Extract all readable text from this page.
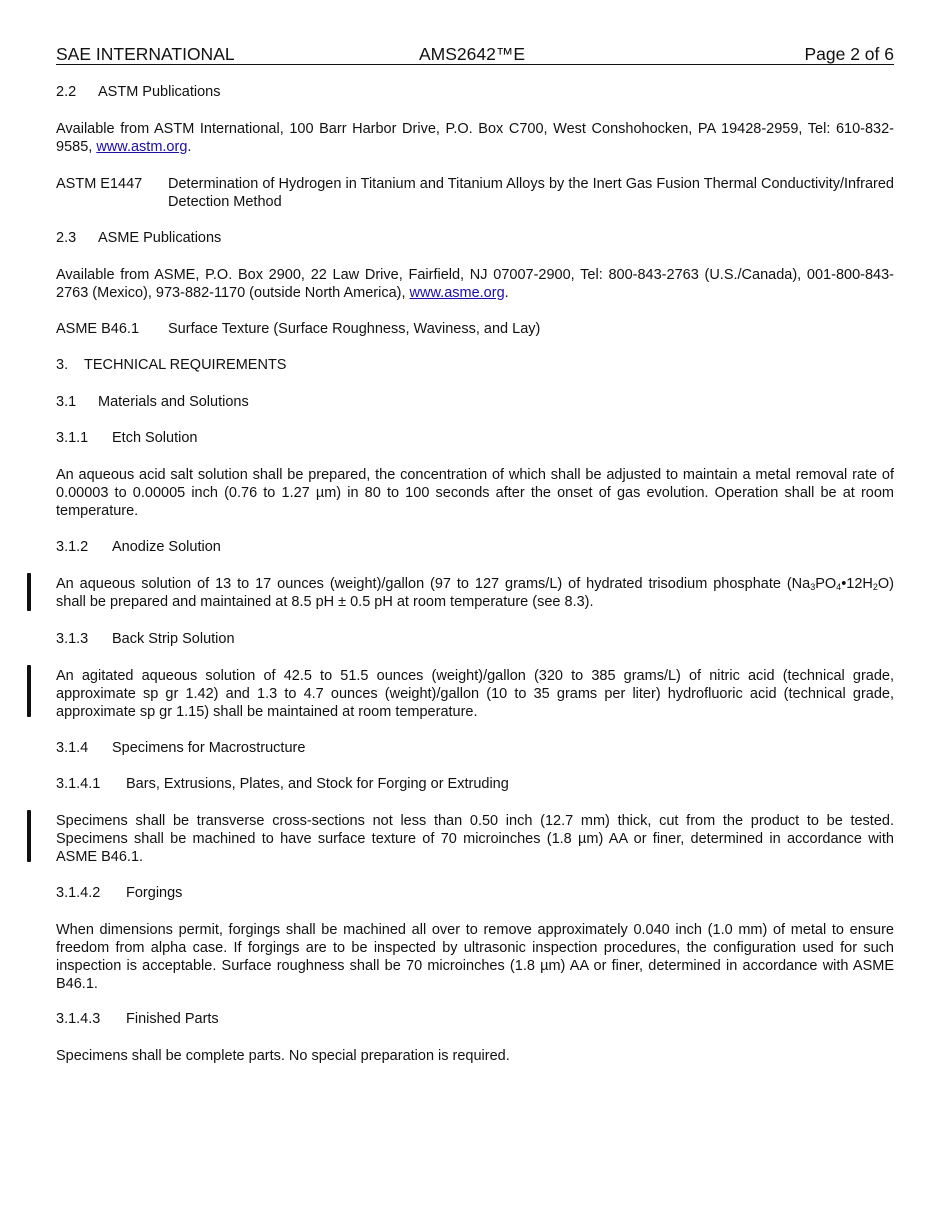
SAE INTERNATIONAL	AMS2642™E	Page 2 of 6
2.2 ASTM Publications
Available from ASTM International, 100 Barr Harbor Drive, P.O. Box C700, West Conshohocken, PA 19428-2959, Tel: 610-832-9585, www.astm.org.
ASTM E1447 Determination of Hydrogen in Titanium and Titanium Alloys by the Inert Gas Fusion Thermal Conductivity/Infrared Detection Method
2.3 ASME Publications
Available from ASME, P.O. Box 2900, 22 Law Drive, Fairfield, NJ 07007-2900, Tel: 800-843-2763 (U.S./Canada), 001-800-843-2763 (Mexico), 973-882-1170 (outside North America), www.asme.org.
ASME B46.1 Surface Texture (Surface Roughness, Waviness, and Lay)
3. TECHNICAL REQUIREMENTS
3.1 Materials and Solutions
3.1.1 Etch Solution
An aqueous acid salt solution shall be prepared, the concentration of which shall be adjusted to maintain a metal removal rate of 0.00003 to 0.00005 inch (0.76 to 1.27 µm) in 80 to 100 seconds after the onset of gas evolution. Operation shall be at room temperature.
3.1.2 Anodize Solution
An aqueous solution of 13 to 17 ounces (weight)/gallon (97 to 127 grams/L) of hydrated trisodium phosphate $(Na_3PO_4•12H_2O)$ shall be prepared and maintained at 8.5 pH ± 0.5 pH at room temperature (see 8.3).
3.1.3 Back Strip Solution
An agitated aqueous solution of 42.5 to 51.5 ounces (weight)/gallon (320 to 385 grams/L) of nitric acid (technical grade, approximate sp gr 1.42) and 1.3 to 4.7 ounces (weight)/gallon (10 to 35 grams per liter) hydrofluoric acid (technical grade, approximate sp gr 1.15) shall be maintained at room temperature.
3.1.4 Specimens for Macrostructure
3.1.4.1 Bars, Extrusions, Plates, and Stock for Forging or Extruding
Specimens shall be transverse cross-sections not less than 0.50 inch (12.7 mm) thick, cut from the product to be tested. Specimens shall be machined to have surface texture of 70 microinches (1.8 µm) AA or finer, determined in accordance with ASME B46.1.
3.1.4.2 Forgings
When dimensions permit, forgings shall be machined all over to remove approximately 0.040 inch (1.0 mm) of metal to ensure freedom from alpha case. If forgings are to be inspected by ultrasonic inspection procedures, the configuration used for such inspection is acceptable. Surface roughness shall be 70 microinches (1.8 µm) AA or finer, determined in accordance with ASME B46.1.
3.1.4.3 Finished Parts
Specimens shall be complete parts. No special preparation is required.
